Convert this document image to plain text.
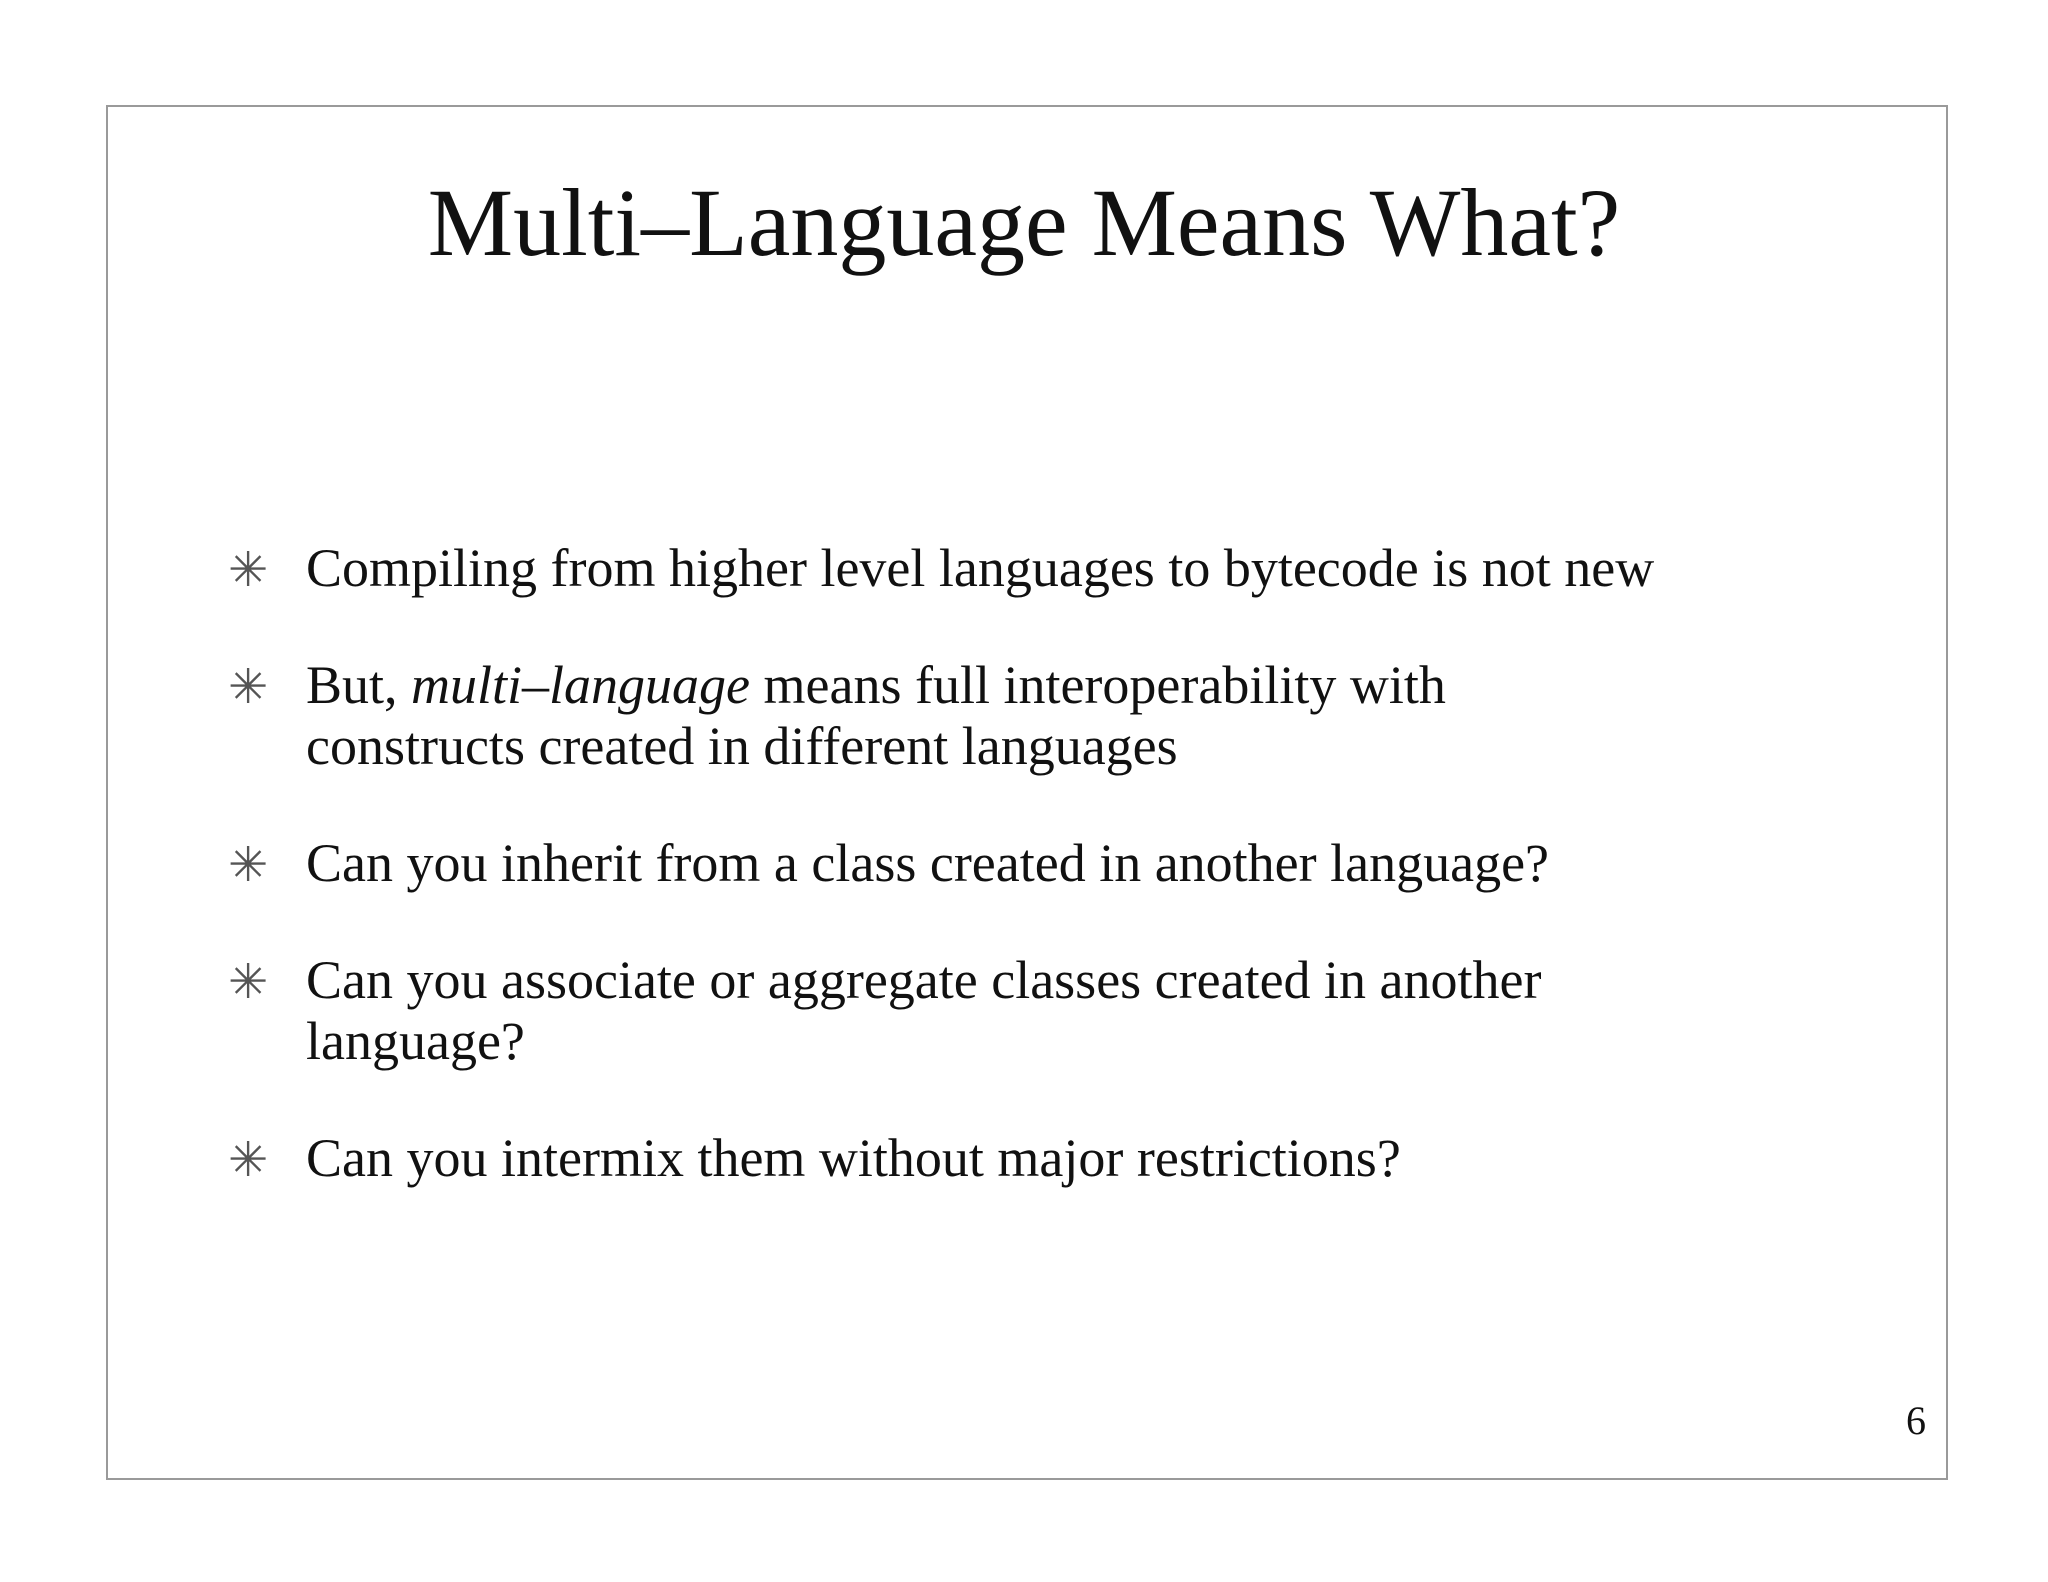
Multi–Language Means What?
✳ Compiling from higher level languages to bytecode is not new
✳ But, multi–language means full interoperability with
constructs created in different languages
✳ Can you inherit from a class created in another language?
✳ Can you associate or aggregate classes created in another
language?
✳ Can you intermix them without major restrictions?
6
